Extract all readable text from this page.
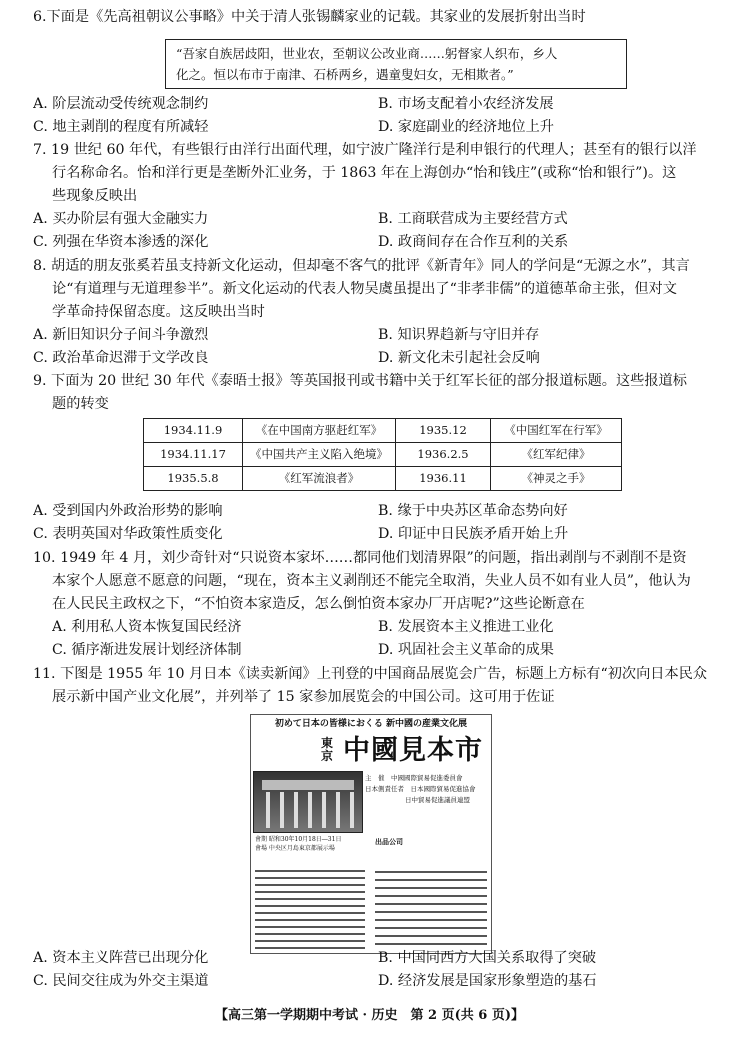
6.下面是《先高祖朝议公事略》中关于清人张锡麟家业的记载。其家业的发展折射出当时
“吾家自族居歧阳，世业农，至朝议公改业商……躬督家人织布，乡人
化之。恒以布市于南津、石桥两乡，遇童叟妇女，无相欺者。”
A. 阶层流动受传统观念制约	B. 市场支配着小农经济发展
C. 地主剥削的程度有所减轻	D. 家庭副业的经济地位上升
7. 19 世纪 60 年代，有些银行由洋行出面代理，如宁波广隆洋行是利申银行的代理人；甚至有的银行以洋
行名称命名。怡和洋行更是垄断外汇业务，于 1863 年在上海创办“怡和钱庄”(或称“怡和银行”)。这
些现象反映出
A. 买办阶层有强大金融实力	B. 工商联营成为主要经营方式
C. 列强在华资本渗透的深化	D. 政商间存在合作互利的关系
8. 胡适的朋友张奚若虽支持新文化运动，但却毫不客气的批评《新青年》同人的学问是“无源之水”，其言
论“有道理与无道理参半”。新文化运动的代表人物吴虞虽提出了“非孝非儒”的道德革命主张，但对文
学革命持保留态度。这反映出当时
A. 新旧知识分子间斗争激烈	B. 知识界趋新与守旧并存
C. 政治革命迟滞于文学改良	D. 新文化未引起社会反响
9. 下面为 20 世纪 30 年代《泰晤士报》等英国报刊或书籍中关于红军长征的部分报道标题。这些报道标
题的转变
1934.11.9	《在中国南方驱赶红军》	1935.12	《中国红军在行军》
1934.11.17	《中国共产主义陷入绝境》	1936.2.5	《红军纪律》
1935.5.8	《红军流浪者》	1936.11	《神灵之手》
A. 受到国内外政治形势的影响	B. 缘于中央苏区革命态势向好
C. 表明英国对华政策性质变化	D. 印证中日民族矛盾开始上升
10. 1949 年 4 月，刘少奇针对“只说资本家坏……都同他们划清界限”的问题，指出剥削与不剥削不是资
本家个人愿意不愿意的问题，“现在，资本主义剥削还不能完全取消，失业人员不如有业人员”，他认为
在人民民主政权之下，“不怕资本家造反，怎么倒怕资本家办厂开店呢?”这些论断意在
A. 利用私人资本恢复国民经济	B. 发展资本主义推进工业化
C. 循序渐进发展计划经济体制	D. 巩固社会主义革命的成果
11. 下图是 1955 年 10 月日本《读卖新闻》上刊登的中国商品展览会广告，标题上方标有“初次向日本民众
展示新中国产业文化展”，并列举了 15 家参加展览会的中国公司。这可用于佐证
初めて日本の皆様におくる 新中國の産業文化展
東京 中國見本市
主　催　中國國際貿易促進委員會
日本側責任者　日本國際貿易促進協會
日中貿易促進議員連盟
會期 昭和30年10月18日―31日
會場 中央区月島東京都展示場
出品公司
A. 资本主义阵营已出现分化	B. 中国同西方大国关系取得了突破
C. 民间交往成为外交主渠道	D. 经济发展是国家形象塑造的基石
【高三第一学期期中考试 · 历史　第 2 页(共 6 页)】
